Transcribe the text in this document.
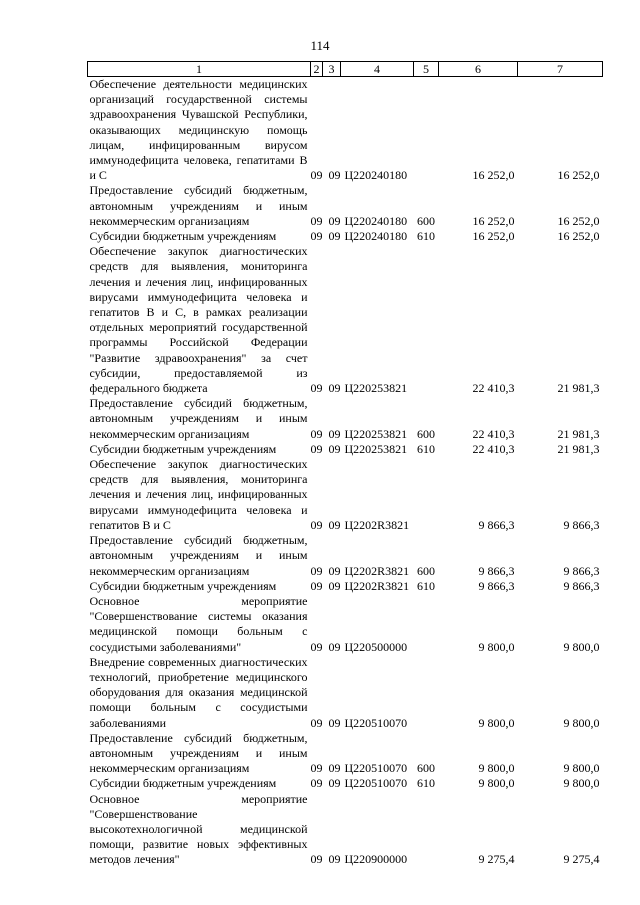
114
1	2	3	4	5	6	7
Обеспечение деятельности медицинских организаций государственной системы здравоохранения Чувашской Республики, оказывающих медицинскую помощь лицам, инфицированным вирусом иммунодефицита человека, гепатитами В и С	09	09	Ц220240180		16 252,0	16 252,0
Предоставление субсидий бюджетным, автономным учреждениям и иным некоммерческим организациям	09	09	Ц220240180	600	16 252,0	16 252,0
Субсидии бюджетным учреждениям	09	09	Ц220240180	610	16 252,0	16 252,0
Обеспечение закупок диагностических средств для выявления, мониторинга лечения и лечения лиц, инфицированных вирусами иммунодефицита человека и гепатитов В и С, в рамках реализации отдельных мероприятий государственной программы Российской Федерации "Развитие здравоохранения" за счет субсидии, предоставляемой из федерального бюджета	09	09	Ц220253821		22 410,3	21 981,3
Предоставление субсидий бюджетным, автономным учреждениям и иным некоммерческим организациям	09	09	Ц220253821	600	22 410,3	21 981,3
Субсидии бюджетным учреждениям	09	09	Ц220253821	610	22 410,3	21 981,3
Обеспечение закупок диагностических средств для выявления, мониторинга лечения и лечения лиц, инфицированных вирусами иммунодефицита человека и гепатитов В и С	09	09	Ц2202R3821		9 866,3	9 866,3
Предоставление субсидий бюджетным, автономным учреждениям и иным некоммерческим организациям	09	09	Ц2202R3821	600	9 866,3	9 866,3
Субсидии бюджетным учреждениям	09	09	Ц2202R3821	610	9 866,3	9 866,3
Основное мероприятие "Совершенствование системы оказания медицинской помощи больным с сосудистыми заболеваниями"	09	09	Ц220500000		9 800,0	9 800,0
Внедрение современных диагностических технологий, приобретение медицинского оборудования для оказания медицинской помощи больным с сосудистыми заболеваниями	09	09	Ц220510070		9 800,0	9 800,0
Предоставление субсидий бюджетным, автономным учреждениям и иным некоммерческим организациям	09	09	Ц220510070	600	9 800,0	9 800,0
Субсидии бюджетным учреждениям	09	09	Ц220510070	610	9 800,0	9 800,0
Основное мероприятие "Совершенствование высокотехнологичной медицинской помощи, развитие новых эффективных методов лечения"	09	09	Ц220900000		9 275,4	9 275,4
